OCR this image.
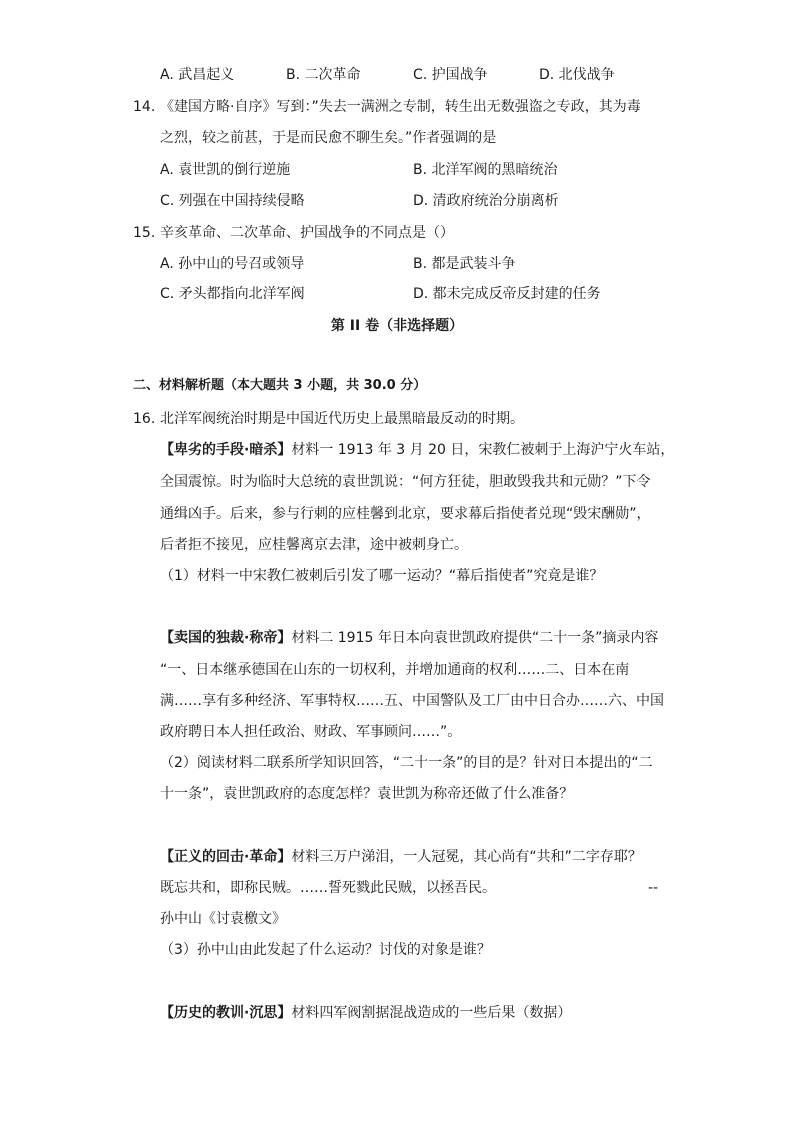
A. 武昌起义	B. 二次革命	C. 护国战争	D. 北伐战争
14. 《建国方略·自序》写到：”失去一满洲之专制，转生出无数强盗之专政，其为毒
之烈，较之前甚，于是而民愈不聊生矣。”作者强调的是
A. 袁世凯的倒行逆施	B. 北洋军阀的黑暗统治
C. 列强在中国持续侵略	D. 清政府统治分崩离析
15. 辛亥革命、二次革命、护国战争的不同点是（）
A. 孙中山的号召或领导	B. 都是武装斗争
C. 矛头都指向北洋军阀	D. 都未完成反帝反封建的任务
第 II 卷（非选择题）
二、材料解析题（本大题共 3 小题，共 30.0 分）
16. 北洋军阀统治时期是中国近代历史上最黑暗最反动的时期。
【卑劣的手段·暗杀】材料一 1913 年 3 月 20 日，宋教仁被刺于上海沪宁火车站，
全国震惊。时为临时大总统的袁世凯说：“何方狂徒，胆敢毁我共和元勋？”下令
通缉凶手。后来，参与行刺的应桂馨到北京，要求幕后指使者兑现“毁宋酬勋”，
后者拒不接见，应桂馨离京去津，途中被刺身亡。
（1）材料一中宋教仁被刺后引发了哪一运动？“幕后指使者”究竟是谁？
【卖国的独裁·称帝】材料二 1915 年日本向袁世凯政府提供“二十一条”摘录内容
“一、日本继承德国在山东的一切权利，并增加通商的权利……二、日本在南
满……享有多种经济、军事特权……五、中国警队及工厂由中日合办……六、中国
政府聘日本人担任政治、财政、军事顾问……”。
（2）阅读材料二联系所学知识回答，“二十一条”的目的是？针对日本提出的“二
十一条”，袁世凯政府的态度怎样？袁世凯为称帝还做了什么准备？
【正义的回击·革命】材料三万户涕泪，一人冠冕，其心尚有“共和”二字存耶？
既忘共和，即称民贼。……誓死戮此民贼，以拯吾民。	--
孙中山《讨袁檄文》
（3）孙中山由此发起了什么运动？讨伐的对象是谁？
【历史的教训·沉思】材料四军阀割据混战造成的一些后果（数据）
